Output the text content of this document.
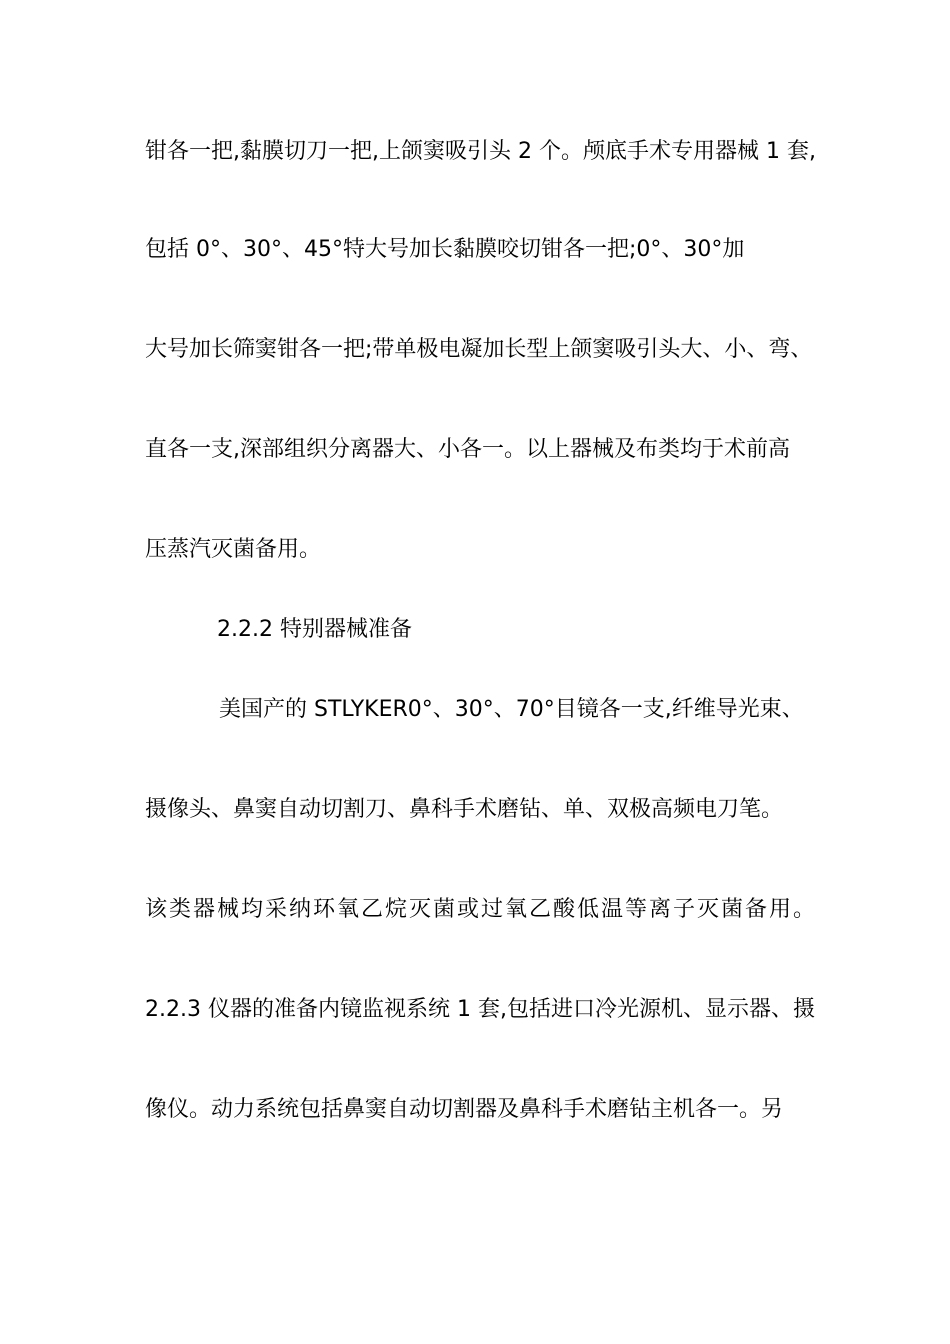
钳各一把,黏膜切刀一把,上颌窦吸引头 2 个。颅底手术专用器械 1 套,
包括 0°、30°、45°特大号加长黏膜咬切钳各一把;0°、30°加
大号加长筛窦钳各一把;带单极电凝加长型上颌窦吸引头大、小、弯、
直各一支,深部组织分离器大、小各一。以上器械及布类均于术前高
压蒸汽灭菌备用。
2.2.2 特别器械准备
美国产的 STLYKER0°、30°、70°目镜各一支,纤维导光束、
摄像头、鼻窦自动切割刀、鼻科手术磨钻、单、双极高频电刀笔。
该类器械均采纳环氧乙烷灭菌或过氧乙酸低温等离子灭菌备用。
2.2.3 仪器的准备内镜监视系统 1 套,包括进口冷光源机、显示器、摄
像仪。动力系统包括鼻窦自动切割器及鼻科手术磨钻主机各一。另
